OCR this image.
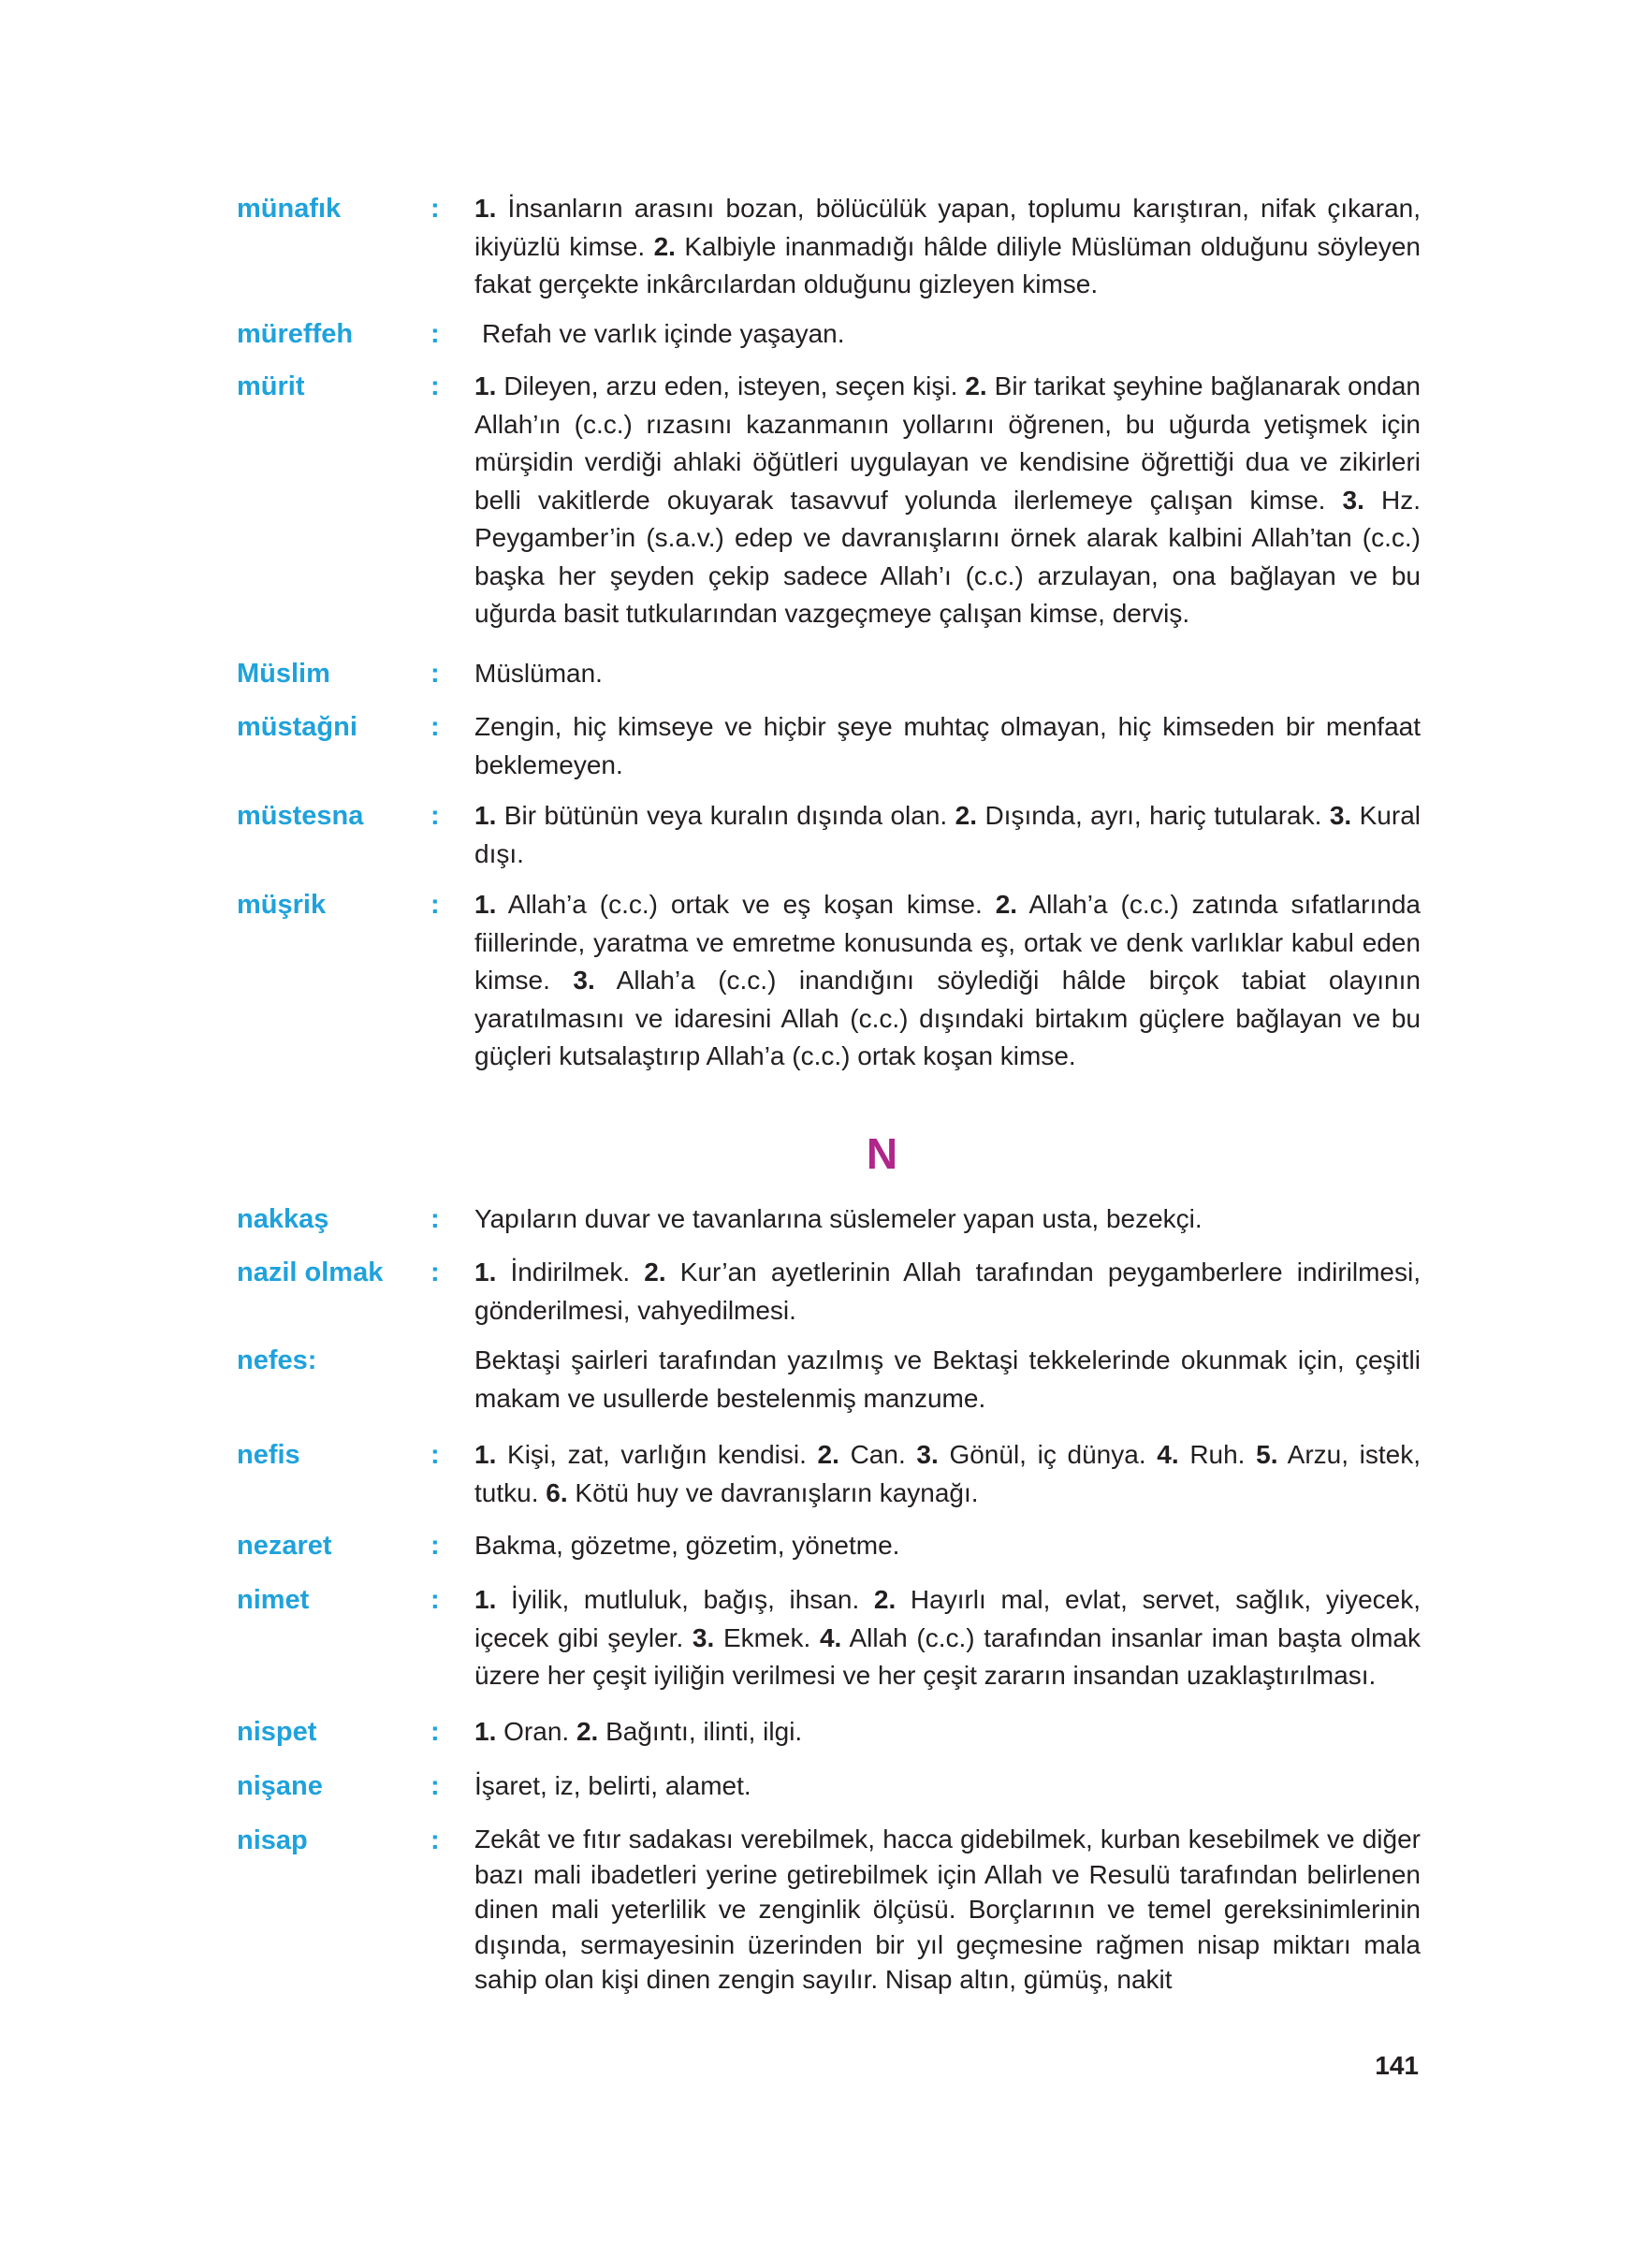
münafık	: 1. İnsanların arasını bozan, bölücülük yapan, toplumu karıştıran, nifak çıkaran, ikiyüzlü kimse. 2. Kalbiyle inanmadığı hâlde diliyle Müslüman olduğunu söyleyen fakat gerçekte inkârcılardan olduğunu gizleyen kimse.
müreffeh	: Refah ve varlık içinde yaşayan.
mürit	: 1. Dileyen, arzu eden, isteyen, seçen kişi. 2. Bir tarikat şeyhine bağlanarak ondan Allah’ın (c.c.) rızasını kazanmanın yollarını öğrenen, bu uğurda yetişmek için mürşidin verdiği ahlaki öğütleri uygulayan ve kendisine öğrettiği dua ve zikirleri belli vakitlerde okuyarak tasavvuf yolunda ilerlemeye çalışan kimse. 3. Hz. Peygamber’in (s.a.v.) edep ve davranışlarını örnek alarak kalbini Allah’tan (c.c.) başka her şeyden çekip sadece Allah’ı (c.c.) arzulayan, ona bağlayan ve bu uğurda basit tutkularından vazgeçmeye çalışan kimse, derviş.
Müslim	: Müslüman.
müstağni	: Zengin, hiç kimseye ve hiçbir şeye muhtaç olmayan, hiç kimseden bir menfaat beklemeyen.
müstesna : 1. Bir bütünün veya kuralın dışında olan. 2. Dışında, ayrı, hariç tutularak. 3. Kural dışı.
müşrik	: 1. Allah’a (c.c.) ortak ve eş koşan kimse. 2. Allah’a (c.c.) zatında sıfatlarında fiillerinde, yaratma ve emretme konusunda eş, ortak ve denk varlıklar kabul eden kimse. 3. Allah’a (c.c.) inandığını söylediği hâlde birçok tabiat olayının yaratılmasını ve idaresini Allah (c.c.) dışındaki birtakım güçlere bağlayan ve bu güçleri kutsalaştırıp Allah’a (c.c.) ortak koşan kimse.
N
nakkaş	: Yapıların duvar ve tavanlarına süslemeler yapan usta, bezekçi.
nazil olmak : 1. İndirilmek. 2. Kur’an ayetlerinin Allah tarafından peygamberlere indirilmesi, gönderilmesi, vahyedilmesi.
nefes:	Bektaşi şairleri tarafından yazılmış ve Bektaşi tekkelerinde okunmak için, çeşitli makam ve usullerde bestelenmiş manzume.
nefis	: 1. Kişi, zat, varlığın kendisi. 2. Can. 3. Gönül, iç dünya. 4. Ruh. 5. Arzu, istek, tutku. 6. Kötü huy ve davranışların kaynağı.
nezaret	: Bakma, gözetme, gözetim, yönetme.
nimet	: 1. İyilik, mutluluk, bağış, ihsan. 2. Hayırlı mal, evlat, servet, sağlık, yiyecek, içecek gibi şeyler. 3. Ekmek. 4. Allah (c.c.) tarafından insanlar iman başta olmak üzere her çeşit iyiliğin verilmesi ve her çeşit zararın insandan uzaklaştırılması.
nispet	: 1. Oran. 2. Bağıntı, ilinti, ilgi.
nişane	: İşaret, iz, belirti, alamet.
nisap	: Zekât ve fıtır sadakası verebilmek, hacca gidebilmek, kurban kesebilmek ve diğer bazı mali ibadetleri yerine getirebilmek için Allah ve Resulü tarafından belirlenen dinen mali yeterlilik ve zenginlik ölçüsü. Borçlarının ve temel gereksinimlerinin dışında, sermayesinin üzerinden bir yıl geçmesine rağmen nisap miktarı mala sahip olan kişi dinen zengin sayılır. Nisap altın, gümüş, nakit
141
